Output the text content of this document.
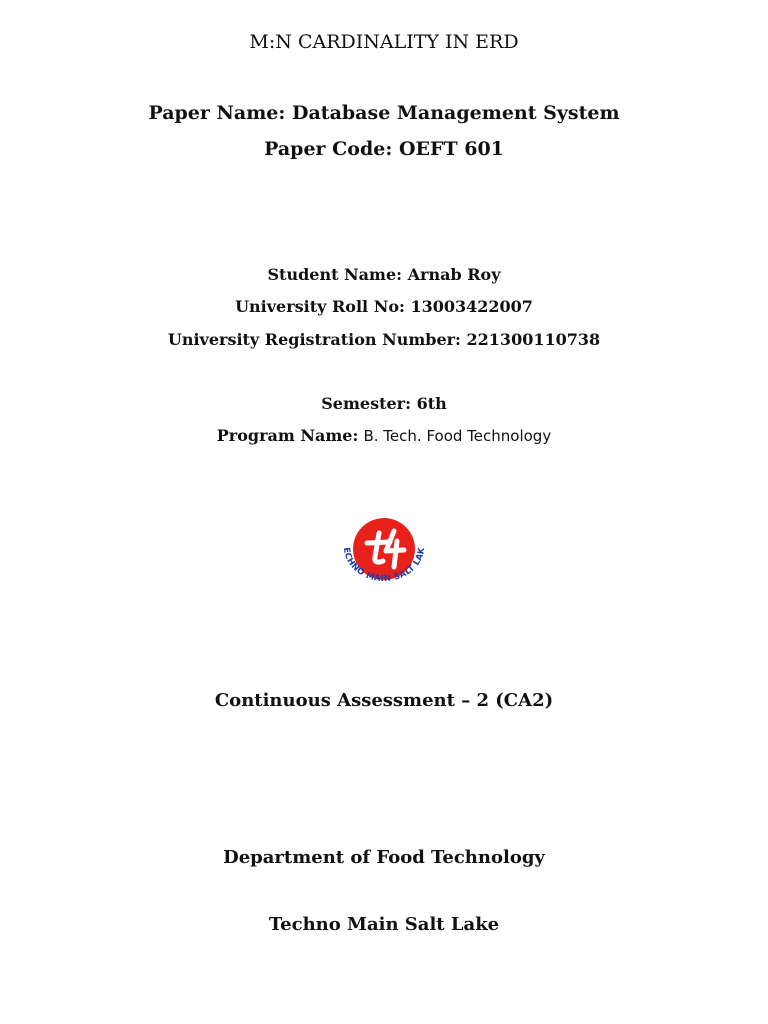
M:N CARDINALITY IN ERD
Paper Name: Database Management System
Paper Code: OEFT 601
Student Name: Arnab Roy
University Roll No: 13003422007
University Registration Number: 221300110738
Semester: 6th
Program Name: B. Tech. Food Technology
ECHNO MAIN SALT LAK
Continuous Assessment – 2 (CA2)
Department of Food Technology
Techno Main Salt Lake
